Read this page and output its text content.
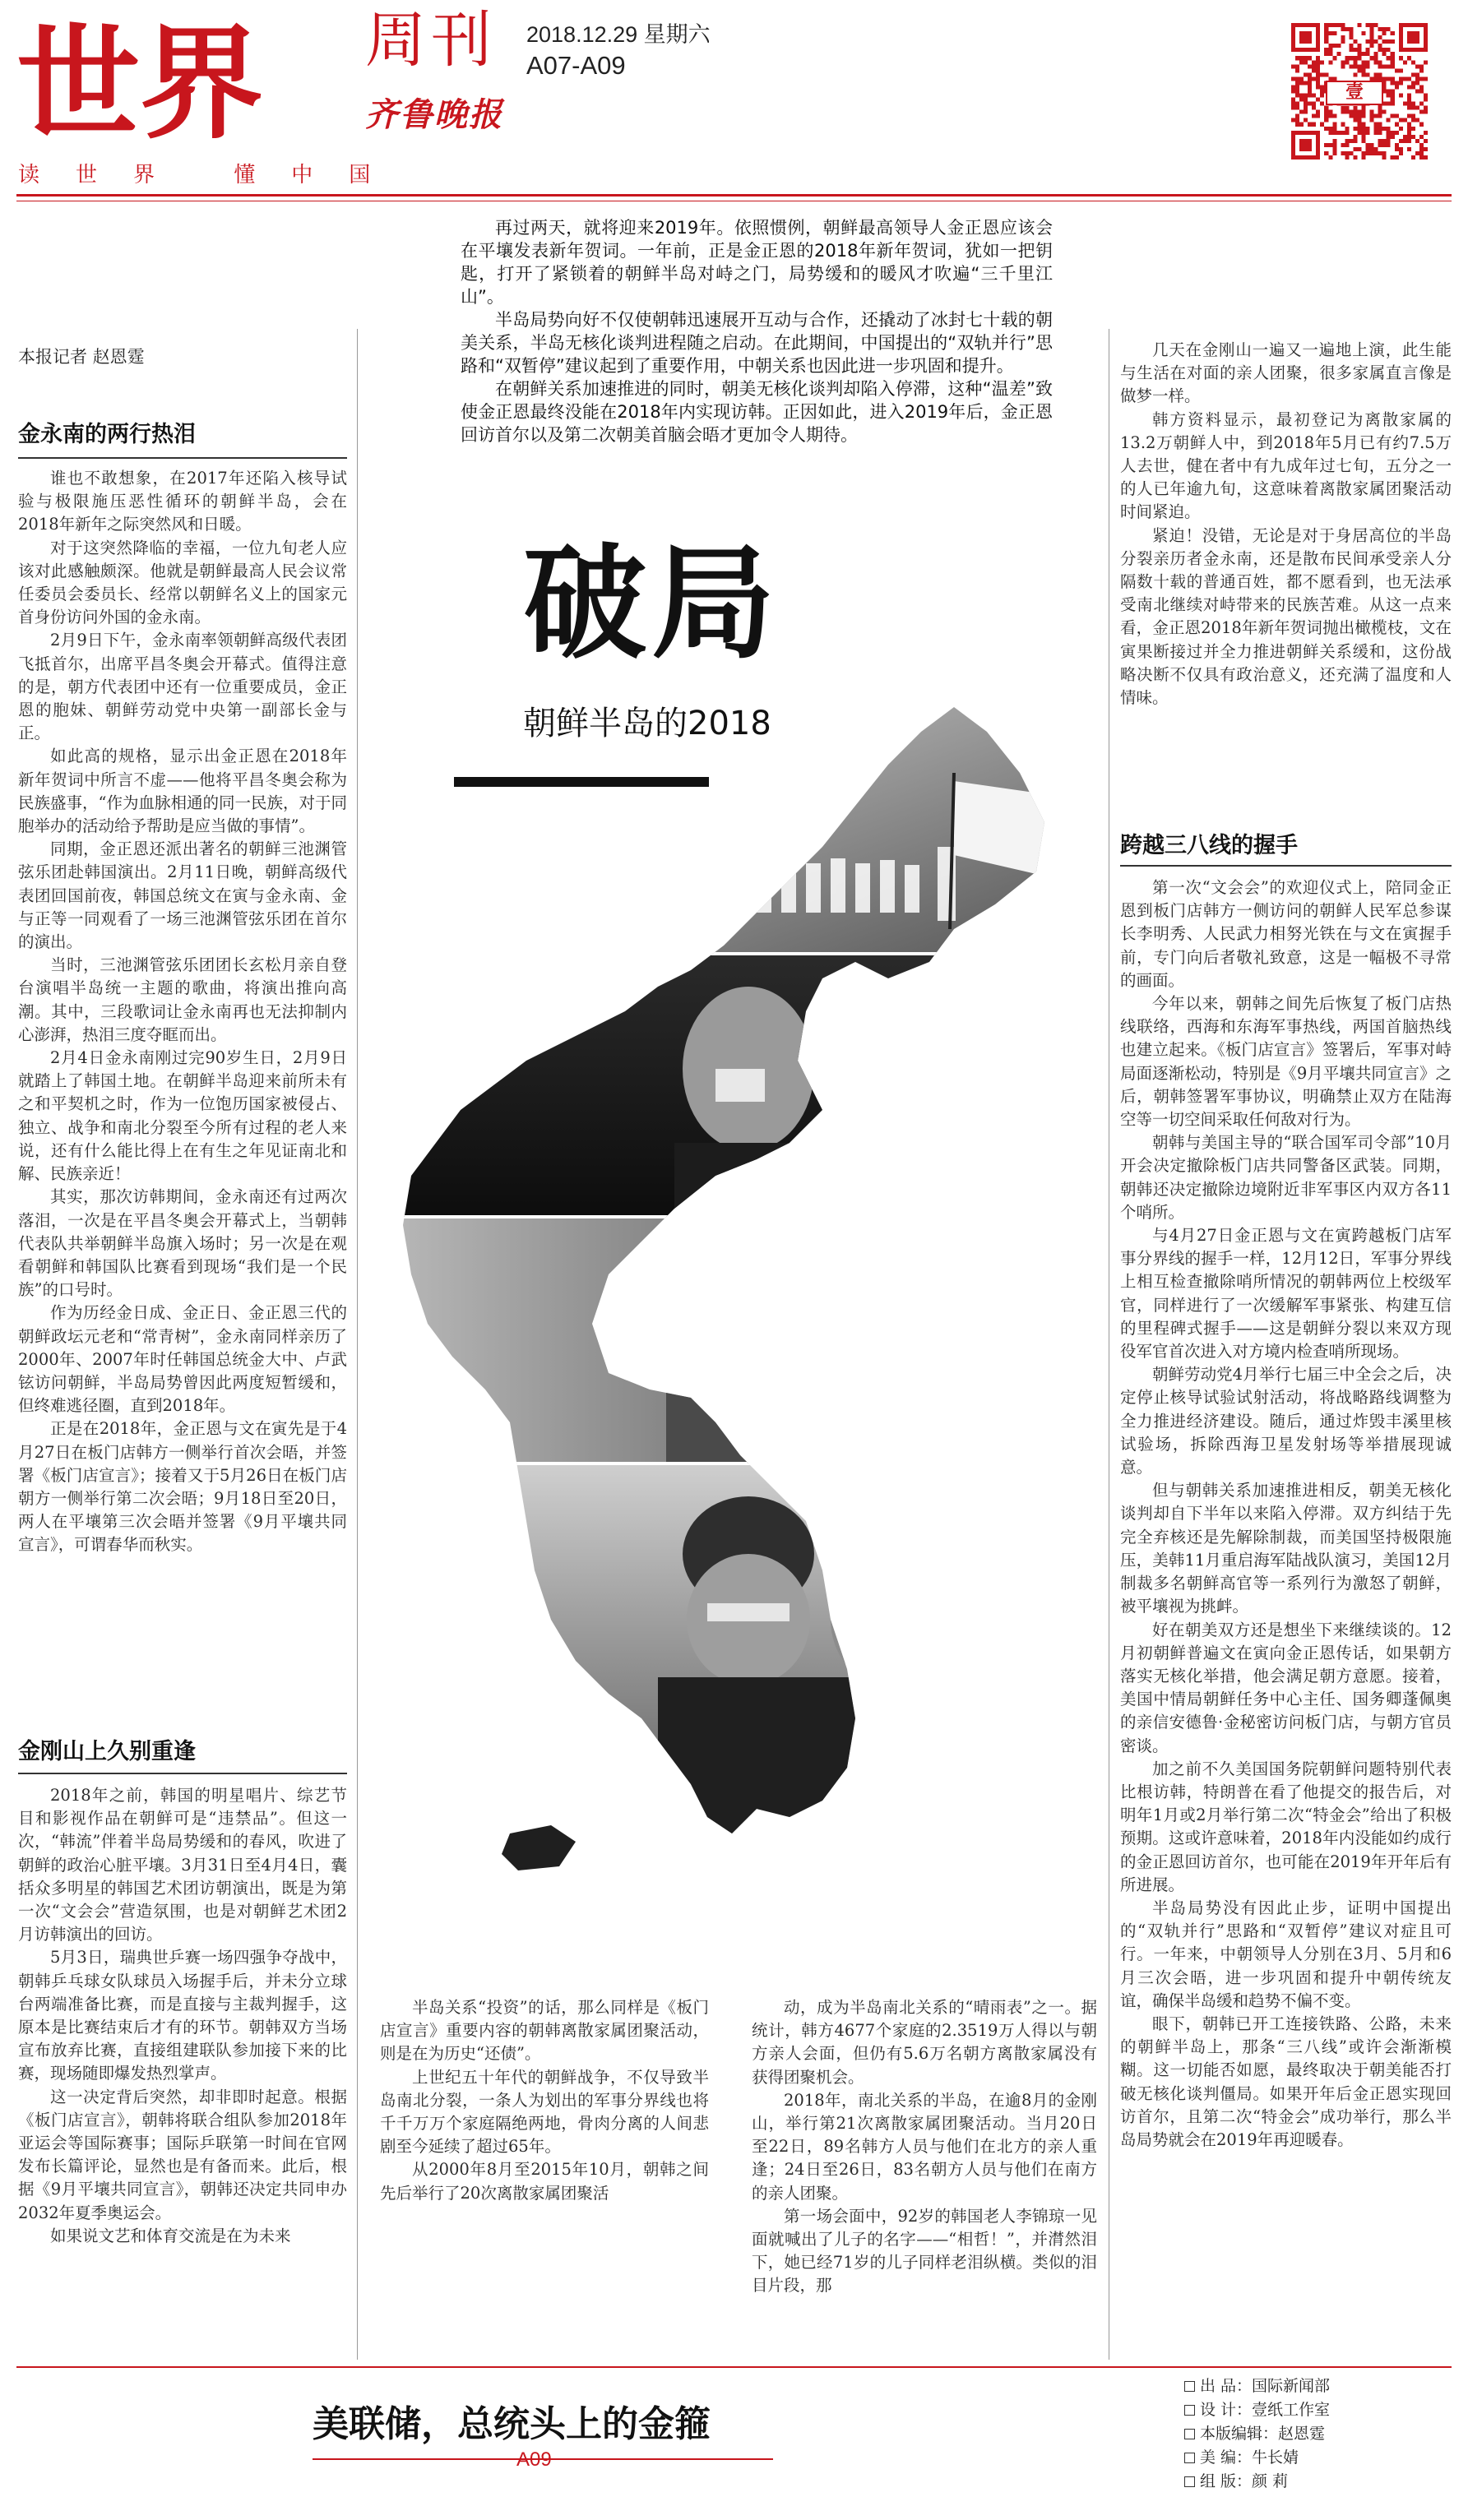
世界 周刊
齐鲁晚报
2018.12.29 星期六
A07-A09
壹
读世界 懂中国
本报记者 赵恩霆
金永南的两行热泪

谁也不敢想象，在2017年还陷入核导试验与极限施压恶性循环的朝鲜半岛，会在2018年新年之际突然风和日暖。

对于这突然降临的幸福，一位九旬老人应该对此感触颇深。他就是朝鲜最高人民会议常任委员会委员长、经常以朝鲜名义上的国家元首身份访问外国的金永南。

2月9日下午，金永南率领朝鲜高级代表团飞抵首尔，出席平昌冬奥会开幕式。值得注意的是，朝方代表团中还有一位重要成员，金正恩的胞妹、朝鲜劳动党中央第一副部长金与正。

如此高的规格，显示出金正恩在2018年新年贺词中所言不虚——他将平昌冬奥会称为民族盛事，“作为血脉相通的同一民族，对于同胞举办的活动给予帮助是应当做的事情”。

同期，金正恩还派出著名的朝鲜三池渊管弦乐团赴韩国演出。2月11日晚，朝鲜高级代表团回国前夜，韩国总统文在寅与金永南、金与正等一同观看了一场三池渊管弦乐团在首尔的演出。

当时，三池渊管弦乐团团长玄松月亲自登台演唱半岛统一主题的歌曲，将演出推向高潮。其中，三段歌词让金永南再也无法抑制内心澎湃，热泪三度夺眶而出。

2月4日金永南刚过完90岁生日，2月9日就踏上了韩国土地。在朝鲜半岛迎来前所未有之和平契机之时，作为一位饱历国家被侵占、独立、战争和南北分裂至今所有过程的老人来说，还有什么能比得上在有生之年见证南北和解、民族亲近！

其实，那次访韩期间，金永南还有过两次落泪，一次是在平昌冬奥会开幕式上，当朝韩代表队共举朝鲜半岛旗入场时；另一次是在观看朝鲜和韩国队比赛看到现场“我们是一个民族”的口号时。

作为历经金日成、金正日、金正恩三代的朝鲜政坛元老和“常青树”，金永南同样亲历了2000年、2007年时任韩国总统金大中、卢武铉访问朝鲜，半岛局势曾因此两度短暂缓和，但终难逃径圈，直到2018年。

正是在2018年，金正恩与文在寅先是于4月27日在板门店韩方一侧举行首次会晤，并签署《板门店宣言》；接着又于5月26日在板门店朝方一侧举行第二次会晤；9月18日至20日，两人在平壤第三次会晤并签署《9月平壤共同宣言》，可谓春华而秋实。

金刚山上久别重逢

2018年之前，韩国的明星唱片、综艺节目和影视作品在朝鲜可是“违禁品”。但这一次，“韩流”伴着半岛局势缓和的春风，吹进了朝鲜的政治心脏平壤。3月31日至4月4日，囊括众多明星的韩国艺术团访朝演出，既是为第一次“文会会”营造氛围，也是对朝鲜艺术团2月访韩演出的回访。

5月3日，瑞典世乒赛一场四强争夺战中，朝韩乒乓球女队球员入场握手后，并未分立球台两端准备比赛，而是直接与主裁判握手，这原本是比赛结束后才有的环节。朝韩双方当场宣布放弃比赛，直接组建联队参加接下来的比赛，现场随即爆发热烈掌声。

这一决定背后突然，却非即时起意。根据《板门店宣言》，朝韩将联合组队参加2018年亚运会等国际赛事；国际乒联第一时间在官网发布长篇评论，显然也是有备而来。此后，根据《9月平壤共同宣言》，朝韩还决定共同申办2032年夏季奥运会。

如果说文艺和体育交流是在为未来

再过两天，就将迎来2019年。依照惯例，朝鲜最高领导人金正恩应该会在平壤发表新年贺词。一年前，正是金正恩的2018年新年贺词，犹如一把钥匙，打开了紧锁着的朝鲜半岛对峙之门，局势缓和的暖风才吹遍“三千里江山”。

半岛局势向好不仅使朝韩迅速展开互动与合作，还撬动了冰封七十载的朝美关系，半岛无核化谈判进程随之启动。在此期间，中国提出的“双轨并行”思路和“双暂停”建议起到了重要作用，中朝关系也因此进一步巩固和提升。

在朝鲜关系加速推进的同时，朝美无核化谈判却陷入停滞，这种“温差”致使金正恩最终没能在2018年内实现访韩。正因如此，进入2019年后，金正恩回访首尔以及第二次朝美首脑会晤才更加令人期待。

破局
朝鲜半岛的2018

几天在金刚山一遍又一遍地上演，此生能与生活在对面的亲人团聚，很多家属直言像是做梦一样。

韩方资料显示，最初登记为离散家属的13.2万朝鲜人中，到2018年5月已有约7.5万人去世，健在者中有九成年过七旬，五分之一的人已年逾九旬，这意味着离散家属团聚活动时间紧迫。

紧迫！没错，无论是对于身居高位的半岛分裂亲历者金永南，还是散布民间承受亲人分隔数十载的普通百姓，都不愿看到，也无法承受南北继续对峙带来的民族苦难。从这一点来看，金正恩2018年新年贺词抛出橄榄枝，文在寅果断接过并全力推进朝鲜关系缓和，这份战略决断不仅具有政治意义，还充满了温度和人情味。

跨越三八线的握手

第一次“文会会”的欢迎仪式上，陪同金正恩到板门店韩方一侧访问的朝鲜人民军总参谋长李明秀、人民武力相努光铁在与文在寅握手前，专门向后者敬礼致意，这是一幅极不寻常的画面。

今年以来，朝韩之间先后恢复了板门店热线联络，西海和东海军事热线，两国首脑热线也建立起来。《板门店宣言》签署后，军事对峙局面逐渐松动，特别是《9月平壤共同宣言》之后，朝韩签署军事协议，明确禁止双方在陆海空等一切空间采取任何敌对行为。

朝韩与美国主导的“联合国军司令部”10月开会决定撤除板门店共同警备区武装。同期，朝韩还决定撤除边境附近非军事区内双方各11个哨所。

与4月27日金正恩与文在寅跨越板门店军事分界线的握手一样，12月12日，军事分界线上相互检查撤除哨所情况的朝韩两位上校级军官，同样进行了一次缓解军事紧张、构建互信的里程碑式握手——这是朝鲜分裂以来双方现役军官首次进入对方境内检查哨所现场。

朝鲜劳动党4月举行七届三中全会之后，决定停止核导试验试射活动，将战略路线调整为全力推进经济建设。随后，通过炸毁丰溪里核试验场，拆除西海卫星发射场等举措展现诚意。

但与朝韩关系加速推进相反，朝美无核化谈判却自下半年以来陷入停滞。双方纠结于先完全弃核还是先解除制裁，而美国坚持极限施压，美韩11月重启海军陆战队演习，美国12月制裁多名朝鲜高官等一系列行为激怒了朝鲜，被平壤视为挑衅。

好在朝美双方还是想坐下来继续谈的。12月初朝鲜普遍文在寅向金正恩传话，如果朝方落实无核化举措，他会满足朝方意愿。接着，美国中情局朝鲜任务中心主任、国务卿蓬佩奥的亲信安德鲁·金秘密访问板门店，与朝方官员密谈。

加之前不久美国国务院朝鲜问题特别代表比根访韩，特朗普在看了他提交的报告后，对明年1月或2月举行第二次“特金会”给出了积极预期。这或许意味着，2018年内没能如约成行的金正恩回访首尔，也可能在2019年开年后有所进展。

半岛局势没有因此止步，证明中国提出的“双轨并行”思路和“双暂停”建议对症且可行。一年来，中朝领导人分别在3月、5月和6月三次会晤，进一步巩固和提升中朝传统友谊，确保半岛缓和趋势不偏不变。

眼下，朝韩已开工连接铁路、公路，未来的朝鲜半岛上，那条“三八线”或许会渐渐模糊。这一切能否如愿，最终取决于朝美能否打破无核化谈判僵局。如果开年后金正恩实现回访首尔，且第二次“特金会”成功举行，那么半岛局势就会在2019年再迎暖春。

半岛关系“投资”的话，那么同样是《板门店宣言》重要内容的朝韩离散家属团聚活动，则是在为历史“还债”。

上世纪五十年代的朝鲜战争，不仅导致半岛南北分裂，一条人为划出的军事分界线也将千千万万个家庭隔绝两地，骨肉分离的人间悲剧至今延续了超过65年。

从2000年8月至2015年10月，朝韩之间先后举行了20次离散家属团聚活

动，成为半岛南北关系的“晴雨表”之一。据统计，韩方4677个家庭的2.3519万人得以与朝方亲人会面，但仍有5.6万名朝方离散家属没有获得团聚机会。

2018年，南北关系的半岛，在逾8月的金刚山，举行第21次离散家属团聚活动。当月20日至22日，89名韩方人员与他们在北方的亲人重逢；24日至26日，83名朝方人员与他们在南方的亲人团聚。

第一场会面中，92岁的韩国老人李锦琼一见面就喊出了儿子的名字——“相哲！”，并潸然泪下，她已经71岁的儿子同样老泪纵横。类似的泪目片段，那

美联储，总统头上的金箍
A09
出 品：国际新闻部
设 计：壹纸工作室
本版编辑：赵恩霆
美 编：牛长婧
组 版：颜 莉
